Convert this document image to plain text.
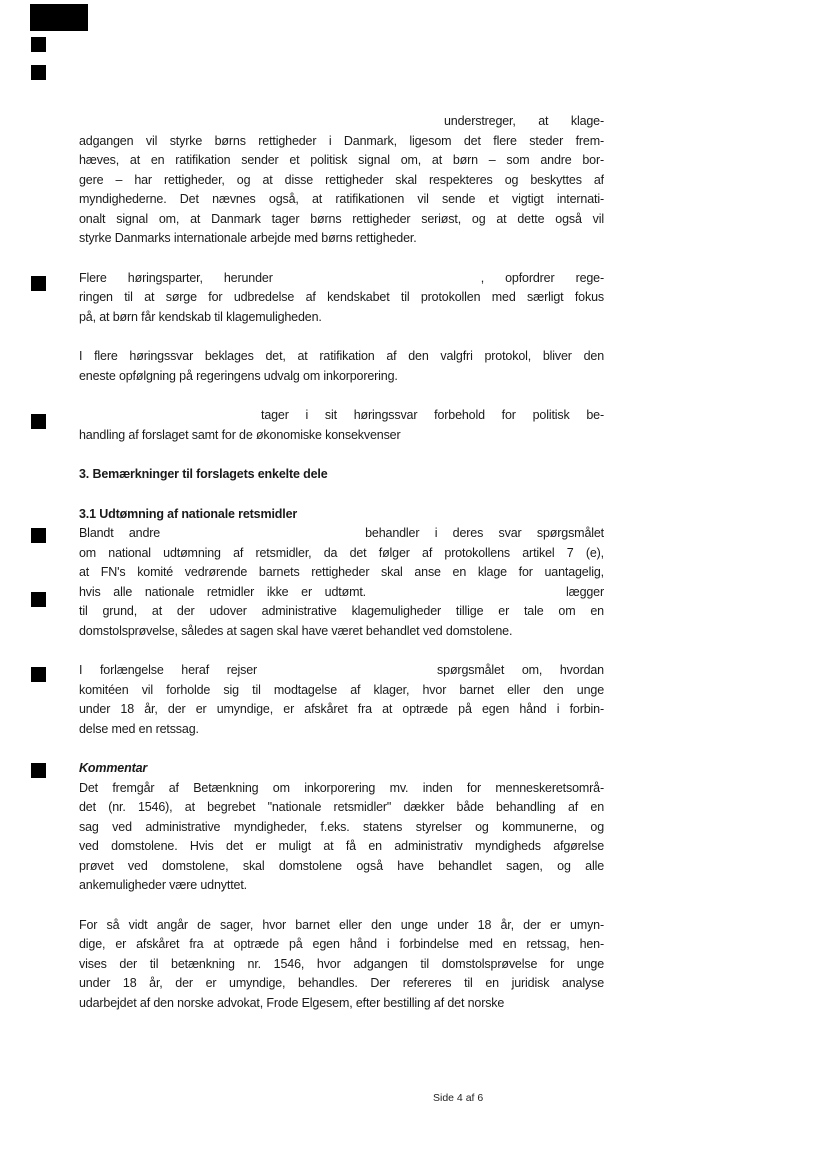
understreger, at klage-
adgangen vil styrke børns rettigheder i Danmark, ligesom det flere steder frem-
hæves, at en ratifikation sender et politisk signal om, at børn – som andre bor-
gere – har rettigheder, og at disse rettigheder skal respekteres og beskyttes af
myndighederne. Det nævnes også, at ratifikationen vil sende et vigtigt internati-
onalt signal om, at Danmark tager børns rettigheder seriøst, og at dette også vil
styrke Danmarks internationale arbejde med børns rettigheder.
Flere høringsparter, herunder	, opfordrer rege-
ringen til at sørge for udbredelse af kendskabet til protokollen med særligt fokus
på, at børn får kendskab til klagemuligheden.
I flere høringssvar beklages det, at ratifikation af den valgfri protokol, bliver den
eneste opfølgning på regeringens udvalg om inkorporering.
tager i sit høringssvar forbehold for politisk be-
handling af forslaget samt for de økonomiske konsekvenser
3. Bemærkninger til forslagets enkelte dele
3.1 Udtømning af nationale retsmidler
Blandt andre	behandler i deres svar spørgsmålet
om national udtømning af retsmidler, da det følger af protokollens artikel 7 (e),
at FN's komité vedrørende barnets rettigheder skal anse en klage for uantagelig,
hvis alle nationale retmidler ikke er udtømt.	lægger
til grund, at der udover administrative klagemuligheder tillige er tale om en
domstolsprøvelse, således at sagen skal have været behandlet ved domstolene.
I forlængelse heraf rejser	spørgsmålet om, hvordan
komitéen vil forholde sig til modtagelse af klager, hvor barnet eller den unge
under 18 år, der er umyndige, er afskåret fra at optræde på egen hånd i forbin-
delse med en retssag.
Kommentar
Det fremgår af Betænkning om inkorporering mv. inden for menneskeretsområ-
det (nr. 1546), at begrebet "nationale retsmidler" dækker både behandling af en
sag ved administrative myndigheder, f.eks. statens styrelser og kommunerne, og
ved domstolene. Hvis det er muligt at få en administrativ myndigheds afgørelse
prøvet ved domstolene, skal domstolene også have behandlet sagen, og alle
ankemuligheder være udnyttet.
For så vidt angår de sager, hvor barnet eller den unge under 18 år, der er umyn-
dige, er afskåret fra at optræde på egen hånd i forbindelse med en retssag, hen-
vises der til betænkning nr. 1546, hvor adgangen til domstolsprøvelse for unge
under 18 år, der er umyndige, behandles. Der refereres til en juridisk analyse
udarbejdet af den norske advokat, Frode Elgesem, efter bestilling af det norske
Side 4 af 6
